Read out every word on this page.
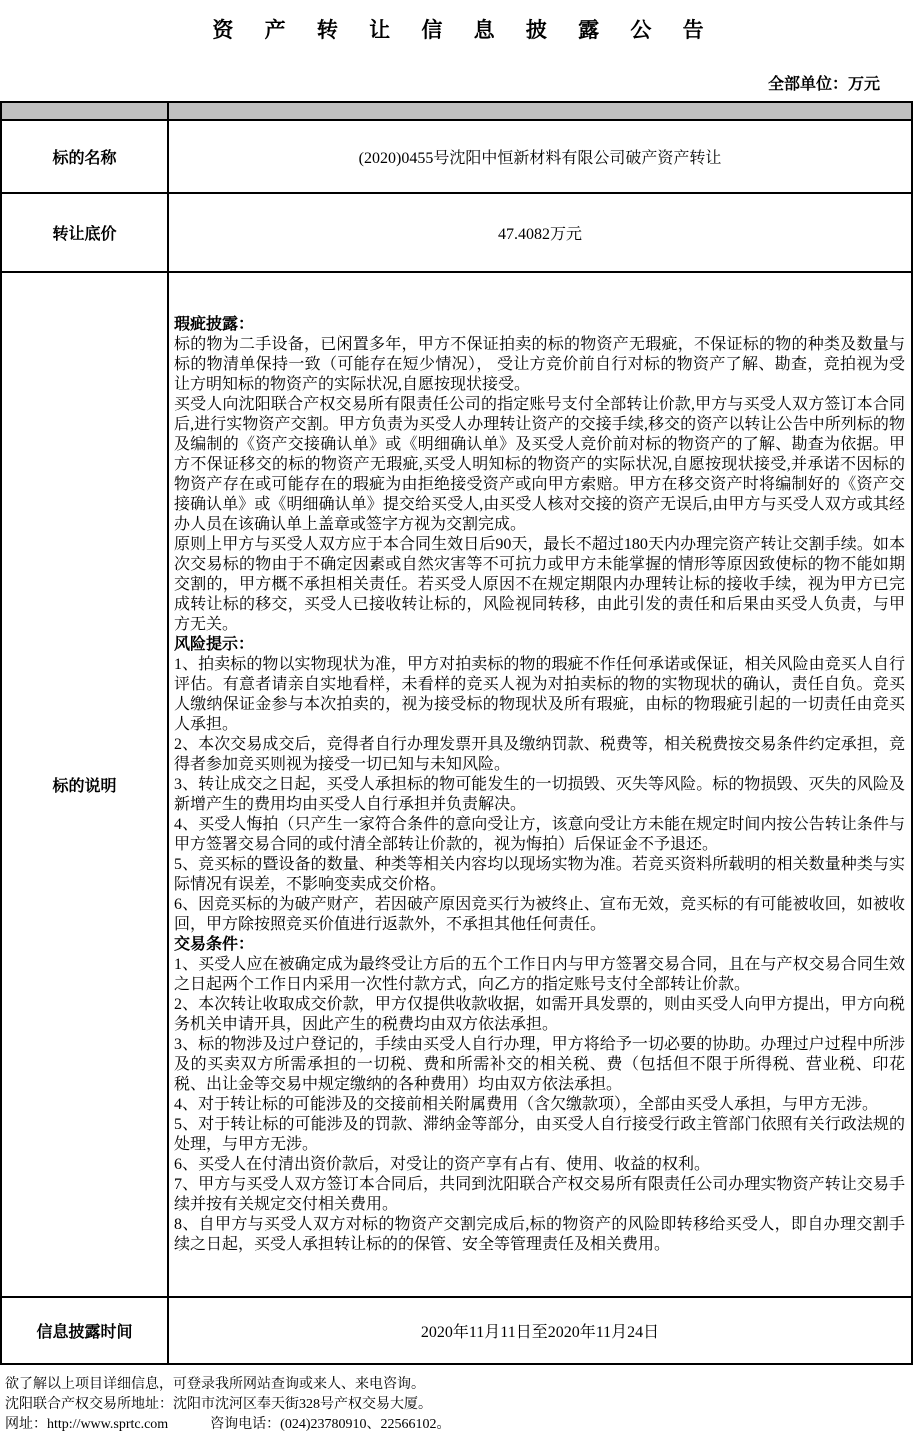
资 产 转 让 信 息 披 露 公 告
全部单位：万元

标的名称	(2020)0455号沈阳中恒新材料有限公司破产资产转让
转让底价	47.4082万元
标的说明	
瑕疵披露：
标的物为二手设备，已闲置多年，甲方不保证拍卖的标的物资产无瑕疵，不保证标的物的种类及数量与标的物清单保持一致（可能存在短少情况）， 受让方竞价前自行对标的物资产了解、勘查，竞拍视为受让方明知标的物资产的实际状况,自愿按现状接受。
买受人向沈阳联合产权交易所有限责任公司的指定账号支付全部转让价款,甲方与买受人双方签订本合同后,进行实物资产交割。甲方负责为买受人办理转让资产的交接手续,移交的资产以转让公告中所列标的物及编制的《资产交接确认单》或《明细确认单》及买受人竞价前对标的物资产的了解、勘查为依据。甲方不保证移交的标的物资产无瑕疵,买受人明知标的物资产的实际状况,自愿按现状接受,并承诺不因标的物资产存在或可能存在的瑕疵为由拒绝接受资产或向甲方索赔。甲方在移交资产时将编制好的《资产交接确认单》或《明细确认单》提交给买受人,由买受人核对交接的资产无误后,由甲方与买受人双方或其经办人员在该确认单上盖章或签字方视为交割完成。
原则上甲方与买受人双方应于本合同生效日后90天，最长不超过180天内办理完资产转让交割手续。如本次交易标的物由于不确定因素或自然灾害等不可抗力或甲方未能掌握的情形等原因致使标的物不能如期交割的，甲方概不承担相关责任。若买受人原因不在规定期限内办理转让标的接收手续，视为甲方已完成转让标的移交，买受人已接收转让标的，风险视同转移，由此引发的责任和后果由买受人负责，与甲方无关。
风险提示：
1、拍卖标的物以实物现状为准，甲方对拍卖标的物的瑕疵不作任何承诺或保证，相关风险由竞买人自行评估。有意者请亲自实地看样，未看样的竞买人视为对拍卖标的物的实物现状的确认，责任自负。竞买人缴纳保证金参与本次拍卖的，视为接受标的物现状及所有瑕疵，由标的物瑕疵引起的一切责任由竞买人承担。
2、本次交易成交后，竞得者自行办理发票开具及缴纳罚款、税费等，相关税费按交易条件约定承担，竞得者参加竞买则视为接受一切已知与未知风险。
3、转让成交之日起，买受人承担标的物可能发生的一切损毁、灭失等风险。标的物损毁、灭失的风险及新增产生的费用均由买受人自行承担并负责解决。
4、买受人悔拍（只产生一家符合条件的意向受让方，该意向受让方未能在规定时间内按公告转让条件与甲方签署交易合同的或付清全部转让价款的，视为悔拍）后保证金不予退还。
5、竞买标的暨设备的数量、种类等相关内容均以现场实物为准。若竞买资料所载明的相关数量种类与实际情况有误差，不影响变卖成交价格。
6、因竞买标的为破产财产，若因破产原因竞买行为被终止、宣布无效，竞买标的有可能被收回，如被收回，甲方除按照竞买价值进行返款外，不承担其他任何责任。
交易条件：
1、买受人应在被确定成为最终受让方后的五个工作日内与甲方签署交易合同，且在与产权交易合同生效之日起两个工作日内采用一次性付款方式，向乙方的指定账号支付全部转让价款。
2、本次转让收取成交价款，甲方仅提供收款收据，如需开具发票的，则由买受人向甲方提出，甲方向税务机关申请开具，因此产生的税费均由双方依法承担。
3、标的物涉及过户登记的，手续由买受人自行办理，甲方将给予一切必要的协助。办理过户过程中所涉及的买卖双方所需承担的一切税、费和所需补交的相关税、费（包括但不限于所得税、营业税、印花税、出让金等交易中规定缴纳的各种费用）均由双方依法承担。
4、对于转让标的可能涉及的交接前相关附属费用（含欠缴款项），全部由买受人承担，与甲方无涉。
5、对于转让标的可能涉及的罚款、滞纳金等部分，由买受人自行接受行政主管部门依照有关行政法规的处理，与甲方无涉。
6、买受人在付清出资价款后，对受让的资产享有占有、使用、收益的权利。
7、甲方与买受人双方签订本合同后，共同到沈阳联合产权交易所有限责任公司办理实物资产转让交易手续并按有关规定交付相关费用。
8、自甲方与买受人双方对标的物资产交割完成后,标的物资产的风险即转移给买受人，即自办理交割手续之日起，买受人承担转让标的的保管、安全等管理责任及相关费用。

信息披露时间	2020年11月11日至2020年11月24日
欲了解以上项目详细信息，可登录我所网站查询或来人、来电咨询。
沈阳联合产权交易所地址：沈阳市沈河区奉天街328号产权交易大厦。
网址：http://www.sprtc.com　　　咨询电话：(024)23780910、22566102。
